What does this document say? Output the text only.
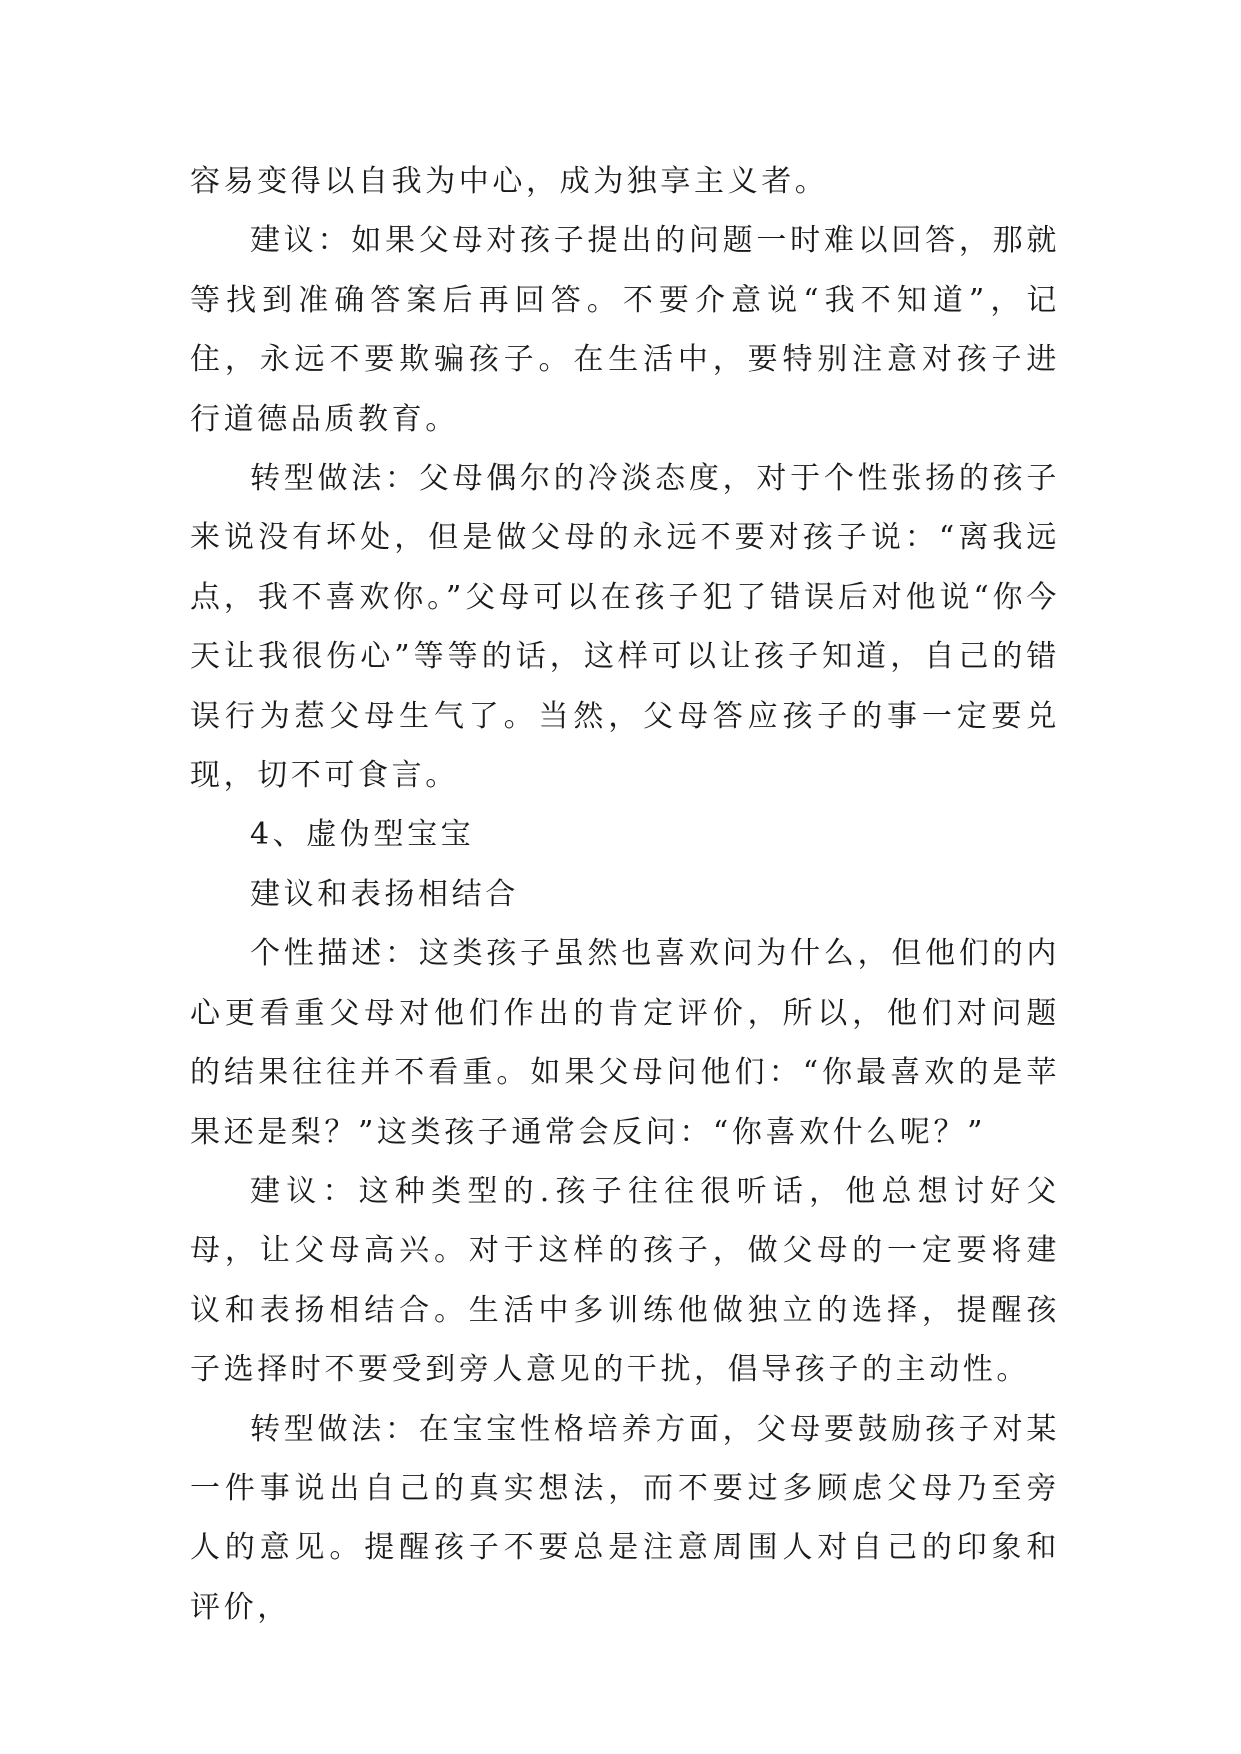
容易变得以自我为中心，成为独享主义者。

建议：如果父母对孩子提出的问题一时难以回答，那就等找到准确答案后再回答。不要介意说“我不知道”，记住，永远不要欺骗孩子。在生活中，要特别注意对孩子进行道德品质教育。

转型做法：父母偶尔的冷淡态度，对于个性张扬的孩子来说没有坏处，但是做父母的永远不要对孩子说：“离我远点，我不喜欢你。”父母可以在孩子犯了错误后对他说“你今天让我很伤心”等等的话，这样可以让孩子知道，自己的错误行为惹父母生气了。当然，父母答应孩子的事一定要兑现，切不可食言。

4、虚伪型宝宝

建议和表扬相结合

个性描述：这类孩子虽然也喜欢问为什么，但他们的内心更看重父母对他们作出的肯定评价，所以，他们对问题的结果往往并不看重。如果父母问他们：“你最喜欢的是苹果还是梨？”这类孩子通常会反问：“你喜欢什么呢？”

建议：这种类型的.孩子往往很听话，他总想讨好父母，让父母高兴。对于这样的孩子，做父母的一定要将建议和表扬相结合。生活中多训练他做独立的选择，提醒孩子选择时不要受到旁人意见的干扰，倡导孩子的主动性。

转型做法：在宝宝性格培养方面，父母要鼓励孩子对某一件事说出自己的真实想法，而不要过多顾虑父母乃至旁人的意见。提醒孩子不要总是注意周围人对自己的印象和评价，
